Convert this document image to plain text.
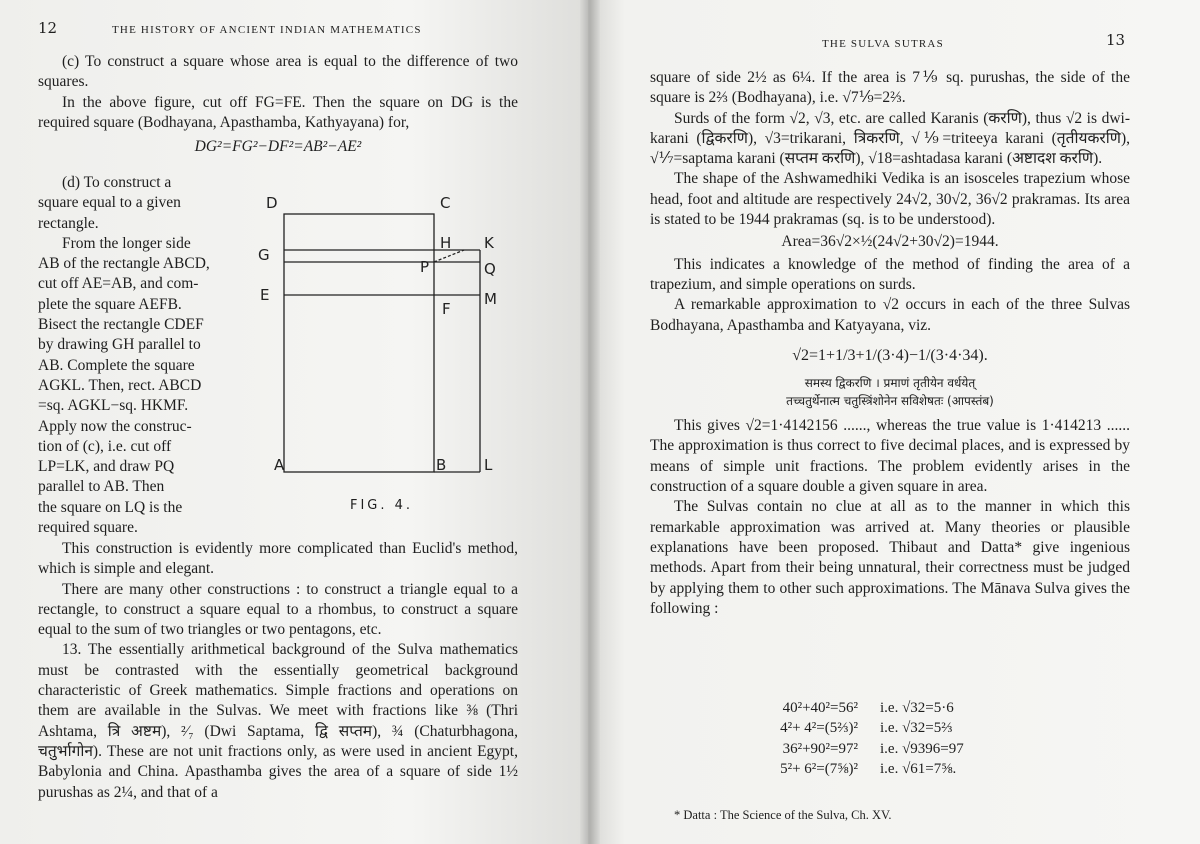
12	THE HISTORY OF ANCIENT INDIAN MATHEMATICS

(c) To construct a square whose area is equal to the difference of two squares.

In the above figure, cut off FG=FE. Then the square on DG is the required square (Bodhayana, Apasthamba, Kathyayana) for,

DG²=FG²−DF²=AB²−AE²

(d) To construct a

square equal to a given

rectangle.

From the longer side

AB of the rectangle ABCD,

cut off AE=AB, and com-

plete the square AEFB.

Bisect the rectangle CDEF

by drawing GH parallel to

AB. Complete the square

AGKL. Then, rect. ABCD

=sq. AGKL−sq. HKMF.

Apply now the construc-

tion of (c), i.e. cut off

LP=LK, and draw PQ

parallel to AB. Then

the square on LQ is the

required square.

D	C
G
H K
P	Q
E	M
F
A	B	L
FIG. 4.

This construction is evidently more complicated than Euclid's method, which is simple and elegant.

There are many other constructions : to construct a triangle equal to a rectangle, to construct a square equal to a rhombus, to construct a square equal to the sum of two triangles or two pentagons, etc.

13. The essentially arithmetical background of the Sulva mathematics must be contrasted with the essentially geometrical background characteristic of Greek mathematics. Simple fractions and operations on them are available in the Sulvas. We meet with fractions like ⅜ (Thri Ashtama, त्रि अष्टम), ²⁄₇ (Dwi Saptama, द्वि सप्तम), ¾ (Chaturbhagona, चतुर्भागोन). These are not unit fractions only, as were used in ancient Egypt, Babylonia and China. Apasthamba gives the area of a square of side 1½ purushas as 2¼, and that of a

THE SULVA SUTRAS	13

square of side 2½ as 6¼. If the area is 7⅑ sq. purushas, the side of the square is 2⅔ (Bodhayana), i.e. √7⅑=2⅔.

Surds of the form √2, √3, etc. are called Karanis (करणि), thus √2 is dwi-karani (द्विकरणि), √3=trikarani, त्रिकरणि, √⅑=triteeya karani (तृतीयकरणि), √⅐=saptama karani (सप्तम करणि), √18=ashtadasa karani (अष्टादश करणि).

The shape of the Ashwamedhiki Vedika is an isosceles trapezium whose head, foot and altitude are respectively 24√2, 30√2, 36√2 prakramas. Its area is stated to be 1944 prakramas (sq. is to be understood).

Area=36√2×½(24√2+30√2)=1944.

This indicates a knowledge of the method of finding the area of a trapezium, and simple operations on surds.

A remarkable approximation to √2 occurs in each of the three Sulvas Bodhayana, Apasthamba and Katyayana, viz.

√2=1+1/3+1/(3·4)−1/(3·4·34).

समस्य द्विकरणि । प्रमाणं तृतीयेन वर्धयेत्

तच्चतुर्थेनात्म चतुस्त्रिंशोनेन सविशेषतः (आपस्तंब)

This gives √2=1·4142156 ......, whereas the true value is 1·414213 ...... The approximation is thus correct to five decimal places, and is expressed by means of simple unit fractions. The problem evidently arises in the construction of a square double a given square in area.

The Sulvas contain no clue at all as to the manner in which this remarkable approximation was arrived at. Many theories or plausible explanations have been proposed. Thibaut and Datta* give ingenious methods. Apart from their being unnatural, their correctness must be judged by applying them to other such approximations. The Mānava Sulva gives the following :

40²+40²=56²	i.e. √32=5·6
4²+ 4²=(5⅔)²	i.e. √32=5⅔
36²+90²=97²	i.e. √9396=97
5²+ 6²=(7⅝)²	i.e. √61=7⅝.
* Datta : The Science of the Sulva, Ch. XV.
